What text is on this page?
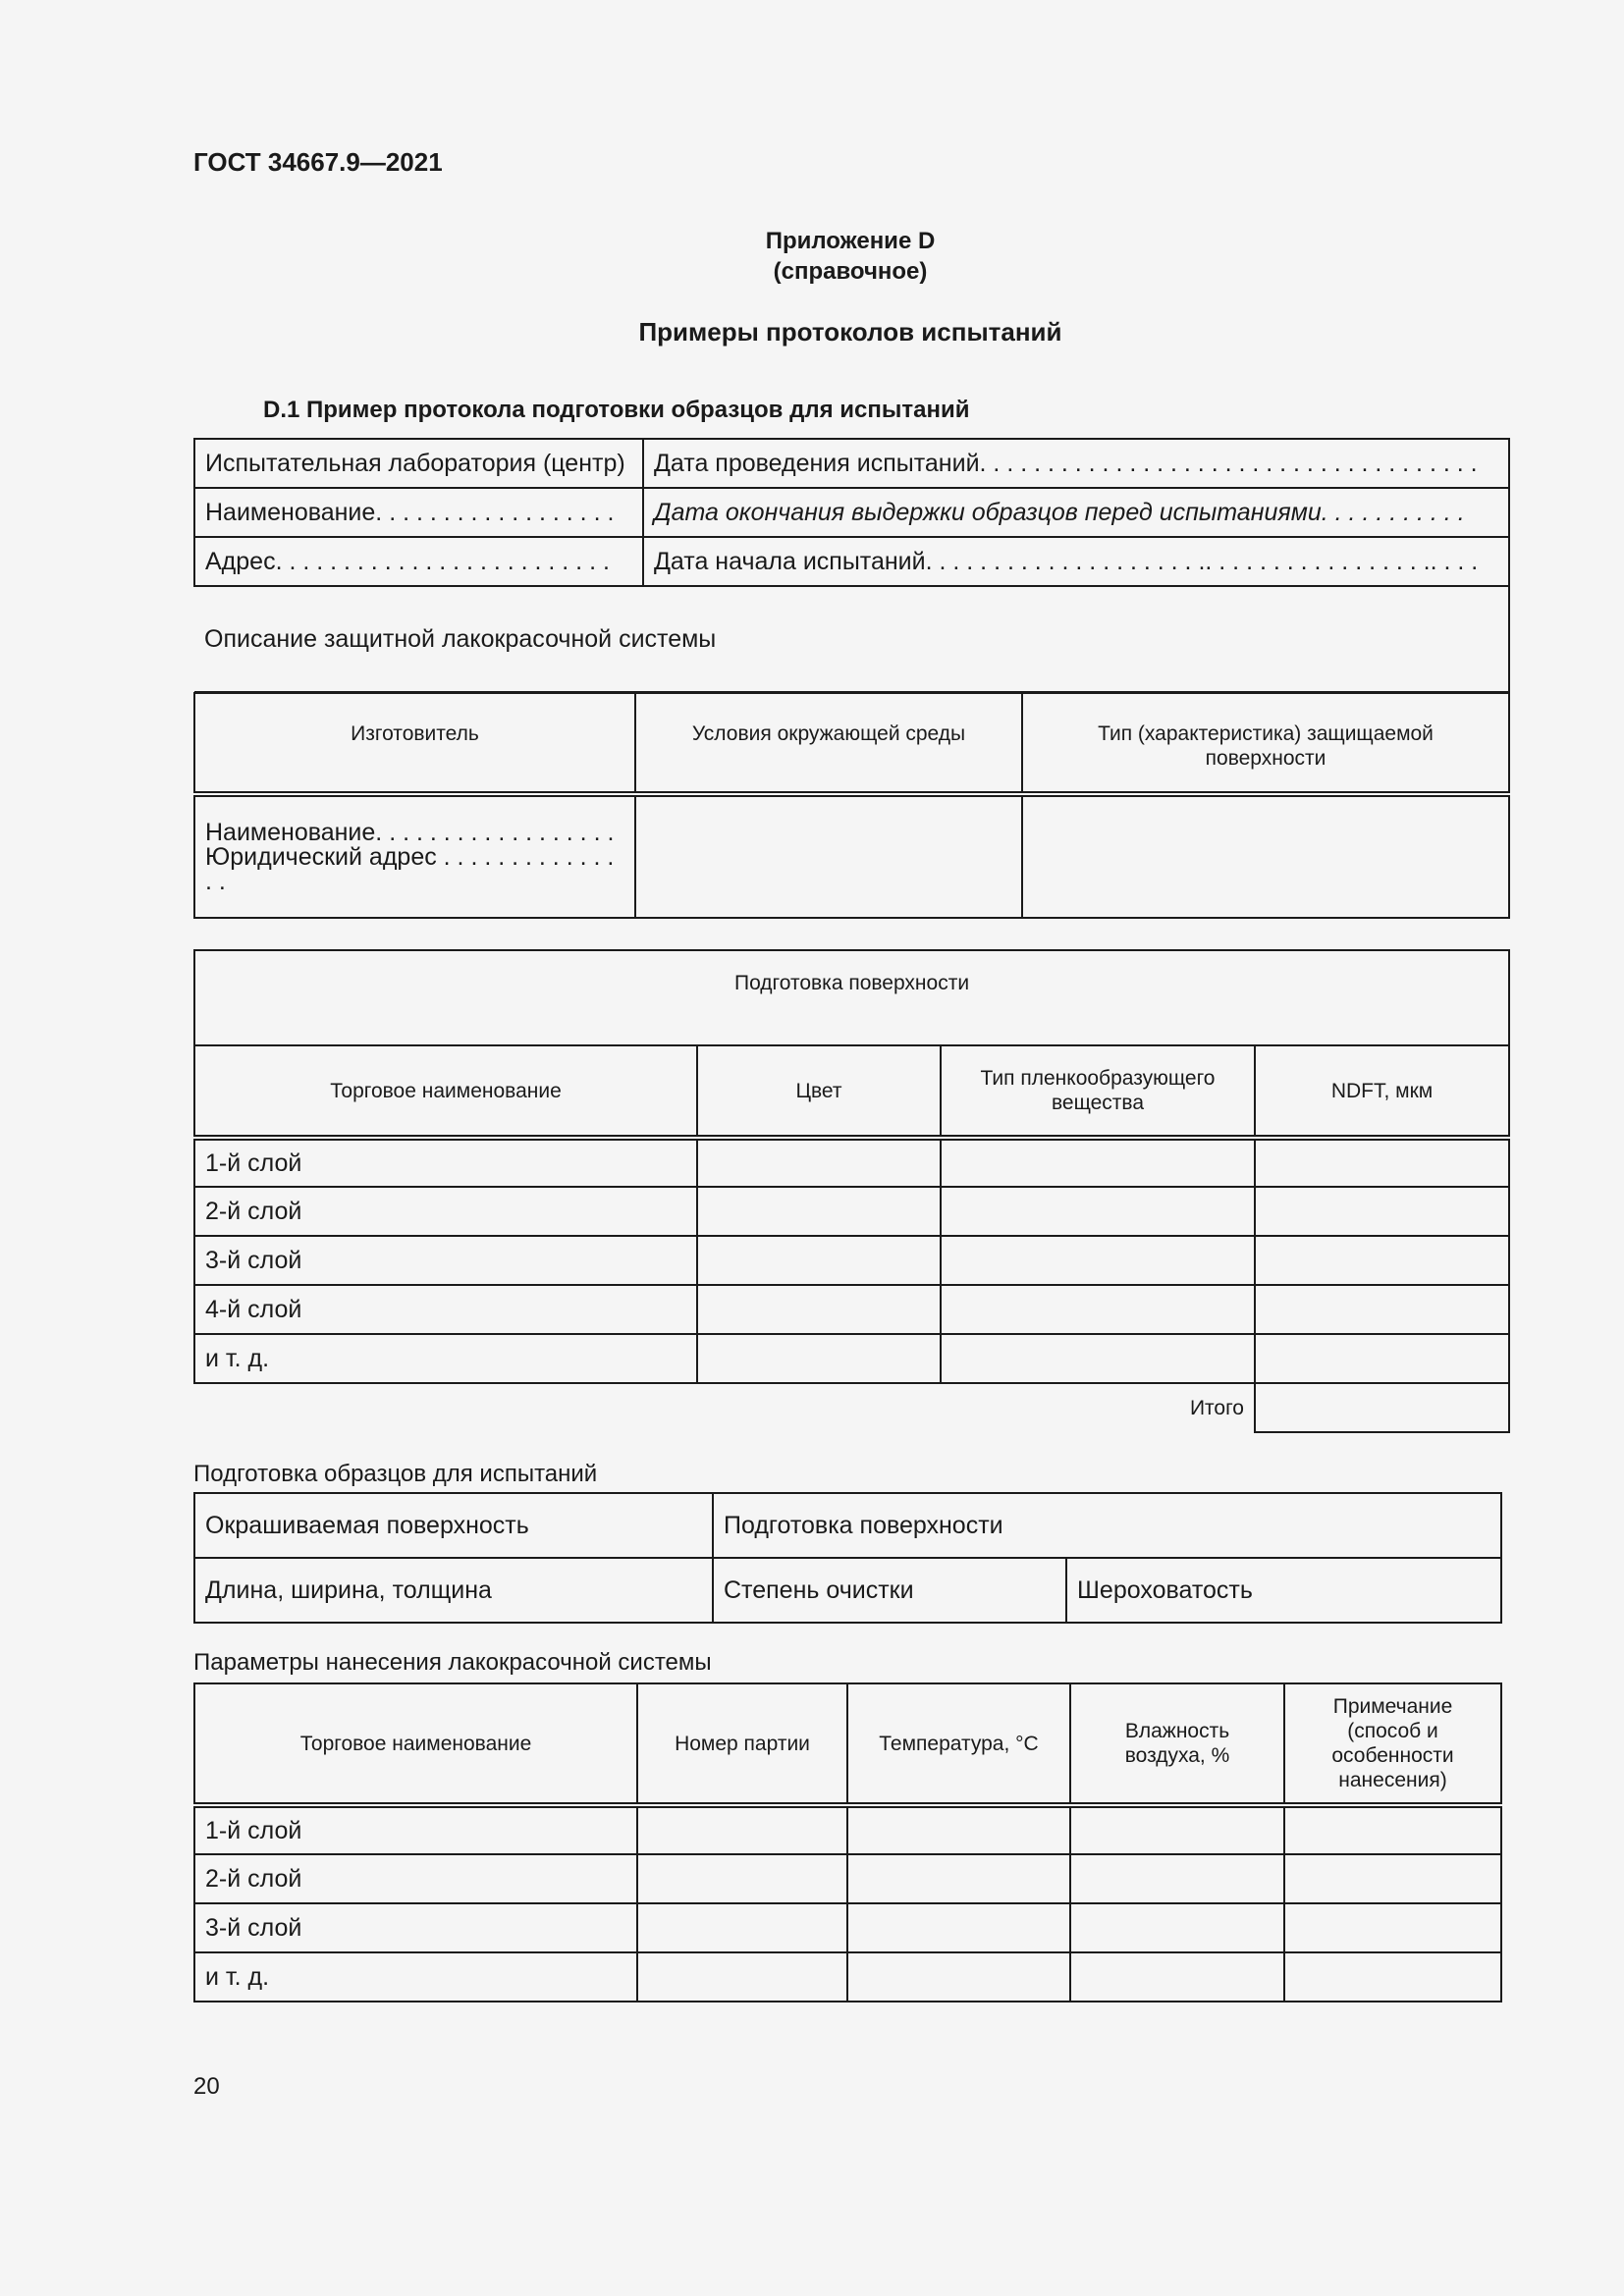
ГОСТ 34667.9—2021
Приложение D
(справочное)
Примеры протоколов испытаний
D.1 Пример протокола подготовки образцов для испытаний
Испытательная лаборатория (центр)	Дата проведения испытаний. . . . . . . . . . . . . . . . . . . . . . . . . . . . . . . . . . . . .
Наименование. . . . . . . . . . . . . . . . . .	Дата окончания выдержки образцов перед испытаниями. . . . . . . . . . .
Адрес. . . . . . . . . . . . . . . . . . . . . . . . .	Дата начала испытаний. . . . . . . . . . . . . . . . . . . . .. . . . . . . . . . . . . . . . .. . . .
Описание защитной лакокрасочной системы	
Изготовитель	Условия окружающей среды	Тип (характеристика) защищаемой поверхности

Наименование. . . . . . . . . . . . . . . . . .
Юридический адрес . . . . . . . . . . . . . . .		

Подготовка поверхности			
Торговое наименование	Цвет	Тип пленкообразующего вещества	NDFT, мкм
1-й слой			
2-й слой			
3-й слой			
4-й слой			
и т. д.			
Итого			
Подготовка образцов для испытаний
Окрашиваемая поверхность	Подготовка поверхности	
Длина, ширина, толщина	Степень очистки	Шероховатость
Параметры нанесения лакокрасочной системы
Торговое наименование	Номер партии	Температура, °С	Влажность воздуха, %	Примечание (способ и особенности нанесения)
1-й слой				
2-й слой				
3-й слой				
и т. д.				
20
